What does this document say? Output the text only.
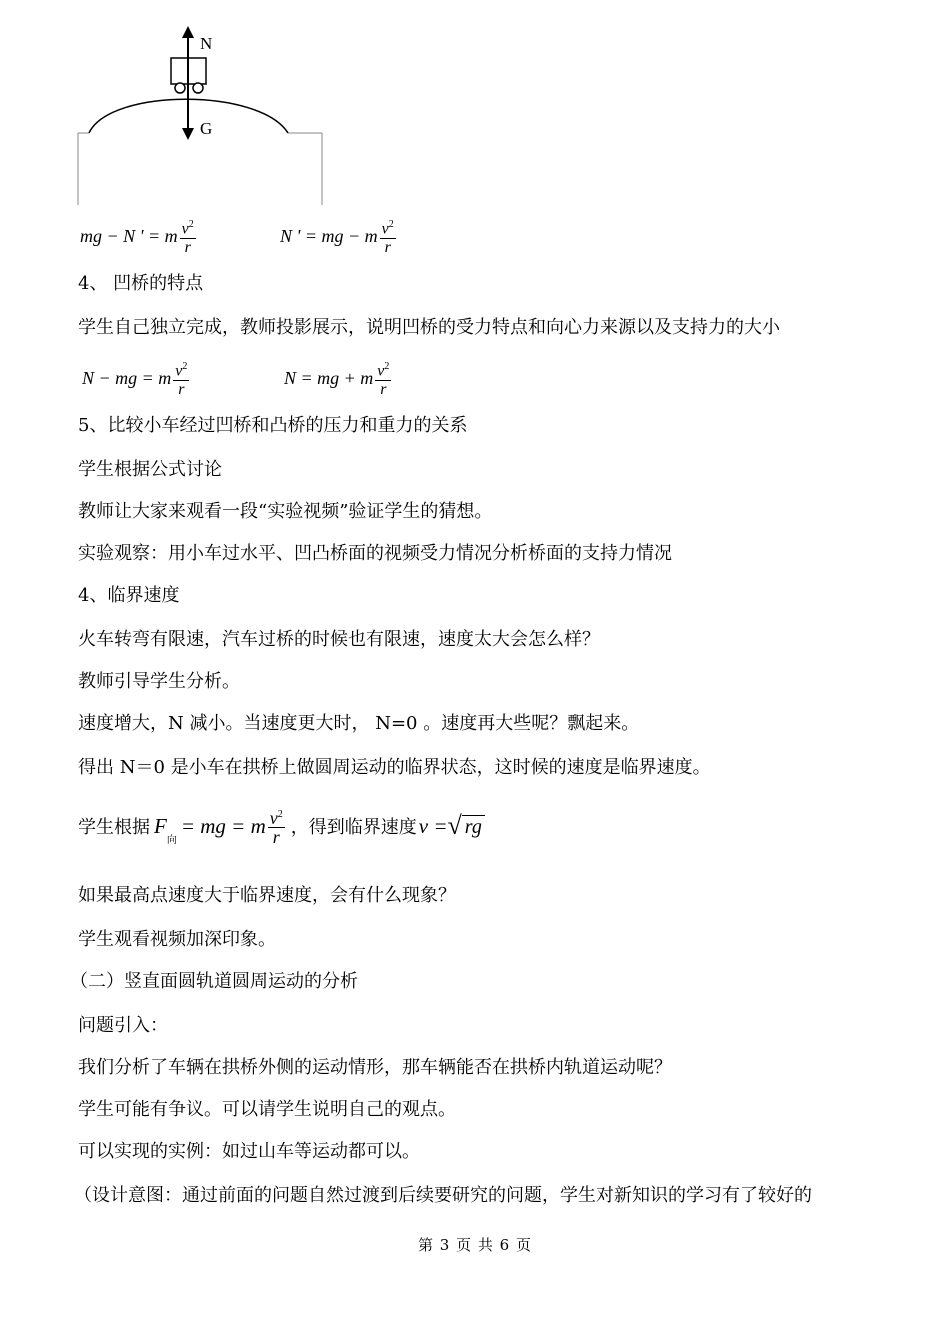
N
G
mg − N ' = m $\frac{v^2}{r}$	N ' = mg − m $\frac{v^2}{r}$
4、 凹桥的特点
学生自己独立完成，教师投影展示，说明凹桥的受力特点和向心力来源以及支持力的大小
N − mg = m $\frac{v^2}{r}$	N = mg + m $\frac{v^2}{r}$
5、比较小车经过凹桥和凸桥的压力和重力的关系
学生根据公式讨论
教师让大家来观看一段“实验视频”验证学生的猜想。
实验观察：用小车过水平、凹凸桥面的视频受力情况分析桥面的支持力情况
4、临界速度
火车转弯有限速，汽车过桥的时候也有限速，速度太大会怎么样？
教师引导学生分析。
速度增大，N 减小。当速度更大时， N=0 。速度再大些呢？飘起来。
得出 N＝0 是小车在拱桥上做圆周运动的临界状态，这时候的速度是临界速度。
学生根据 F
向
= mg = m $\frac{v^2}{r}$ ，得到临界速度 v = √ rg
如果最高点速度大于临界速度，会有什么现象？
学生观看视频加深印象。
（二）竖直面圆轨道圆周运动的分析
问题引入：
我们分析了车辆在拱桥外侧的运动情形，那车辆能否在拱桥内轨道运动呢？
学生可能有争议。可以请学生说明自己的观点。
可以实现的实例：如过山车等运动都可以。
（设计意图：通过前面的问题自然过渡到后续要研究的问题，学生对新知识的学习有了较好的
第 3 页 共 6 页
